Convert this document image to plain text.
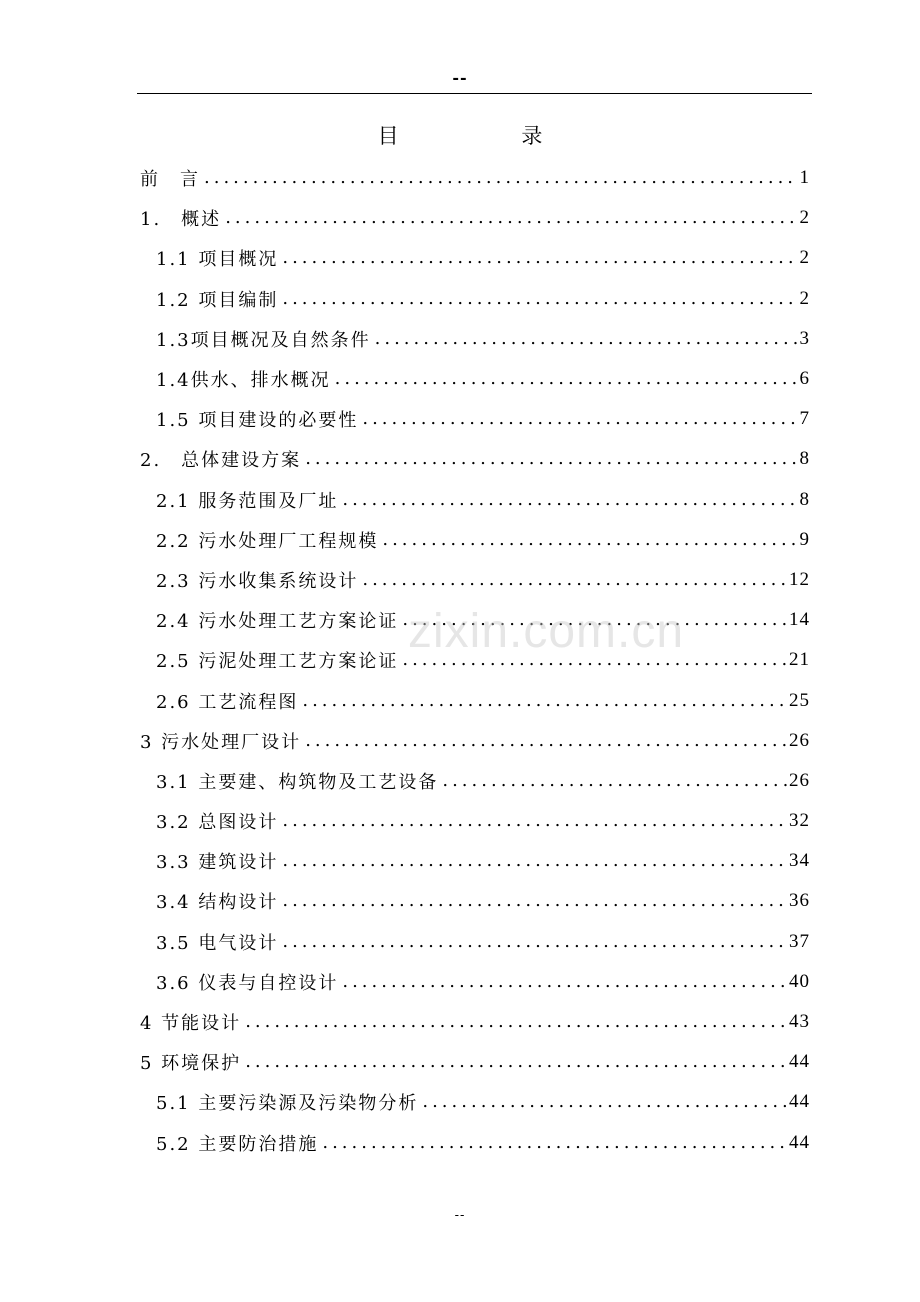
--
目 录
前　言 .....	1
1.　概述 .....	2
1.1 项目概况 .....	2
1.2 项目编制 .....	2
1.3项目概况及自然条件 .....	3
1.4供水、排水概况 .....	6
1.5 项目建设的必要性 .....	7
2.　总体建设方案 .....	8
2.1 服务范围及厂址 .....	8
2.2 污水处理厂工程规模 .....	9
2.3 污水收集系统设计 .....	12
2.4 污水处理工艺方案论证 .....	14
2.5 污泥处理工艺方案论证 .....	21
2.6 工艺流程图 .....	25
3 污水处理厂设计 .....	26
3.1 主要建、构筑物及工艺设备 .....	26
3.2 总图设计 .....	32
3.3 建筑设计 .....	34
3.4 结构设计 .....	36
3.5 电气设计 .....	37
3.6 仪表与自控设计 .....	40
4 节能设计 .....	43
5 环境保护 .....	44
5.1 主要污染源及污染物分析 .....	44
5.2 主要防治措施 .....	44
zixin.com.cn
--
